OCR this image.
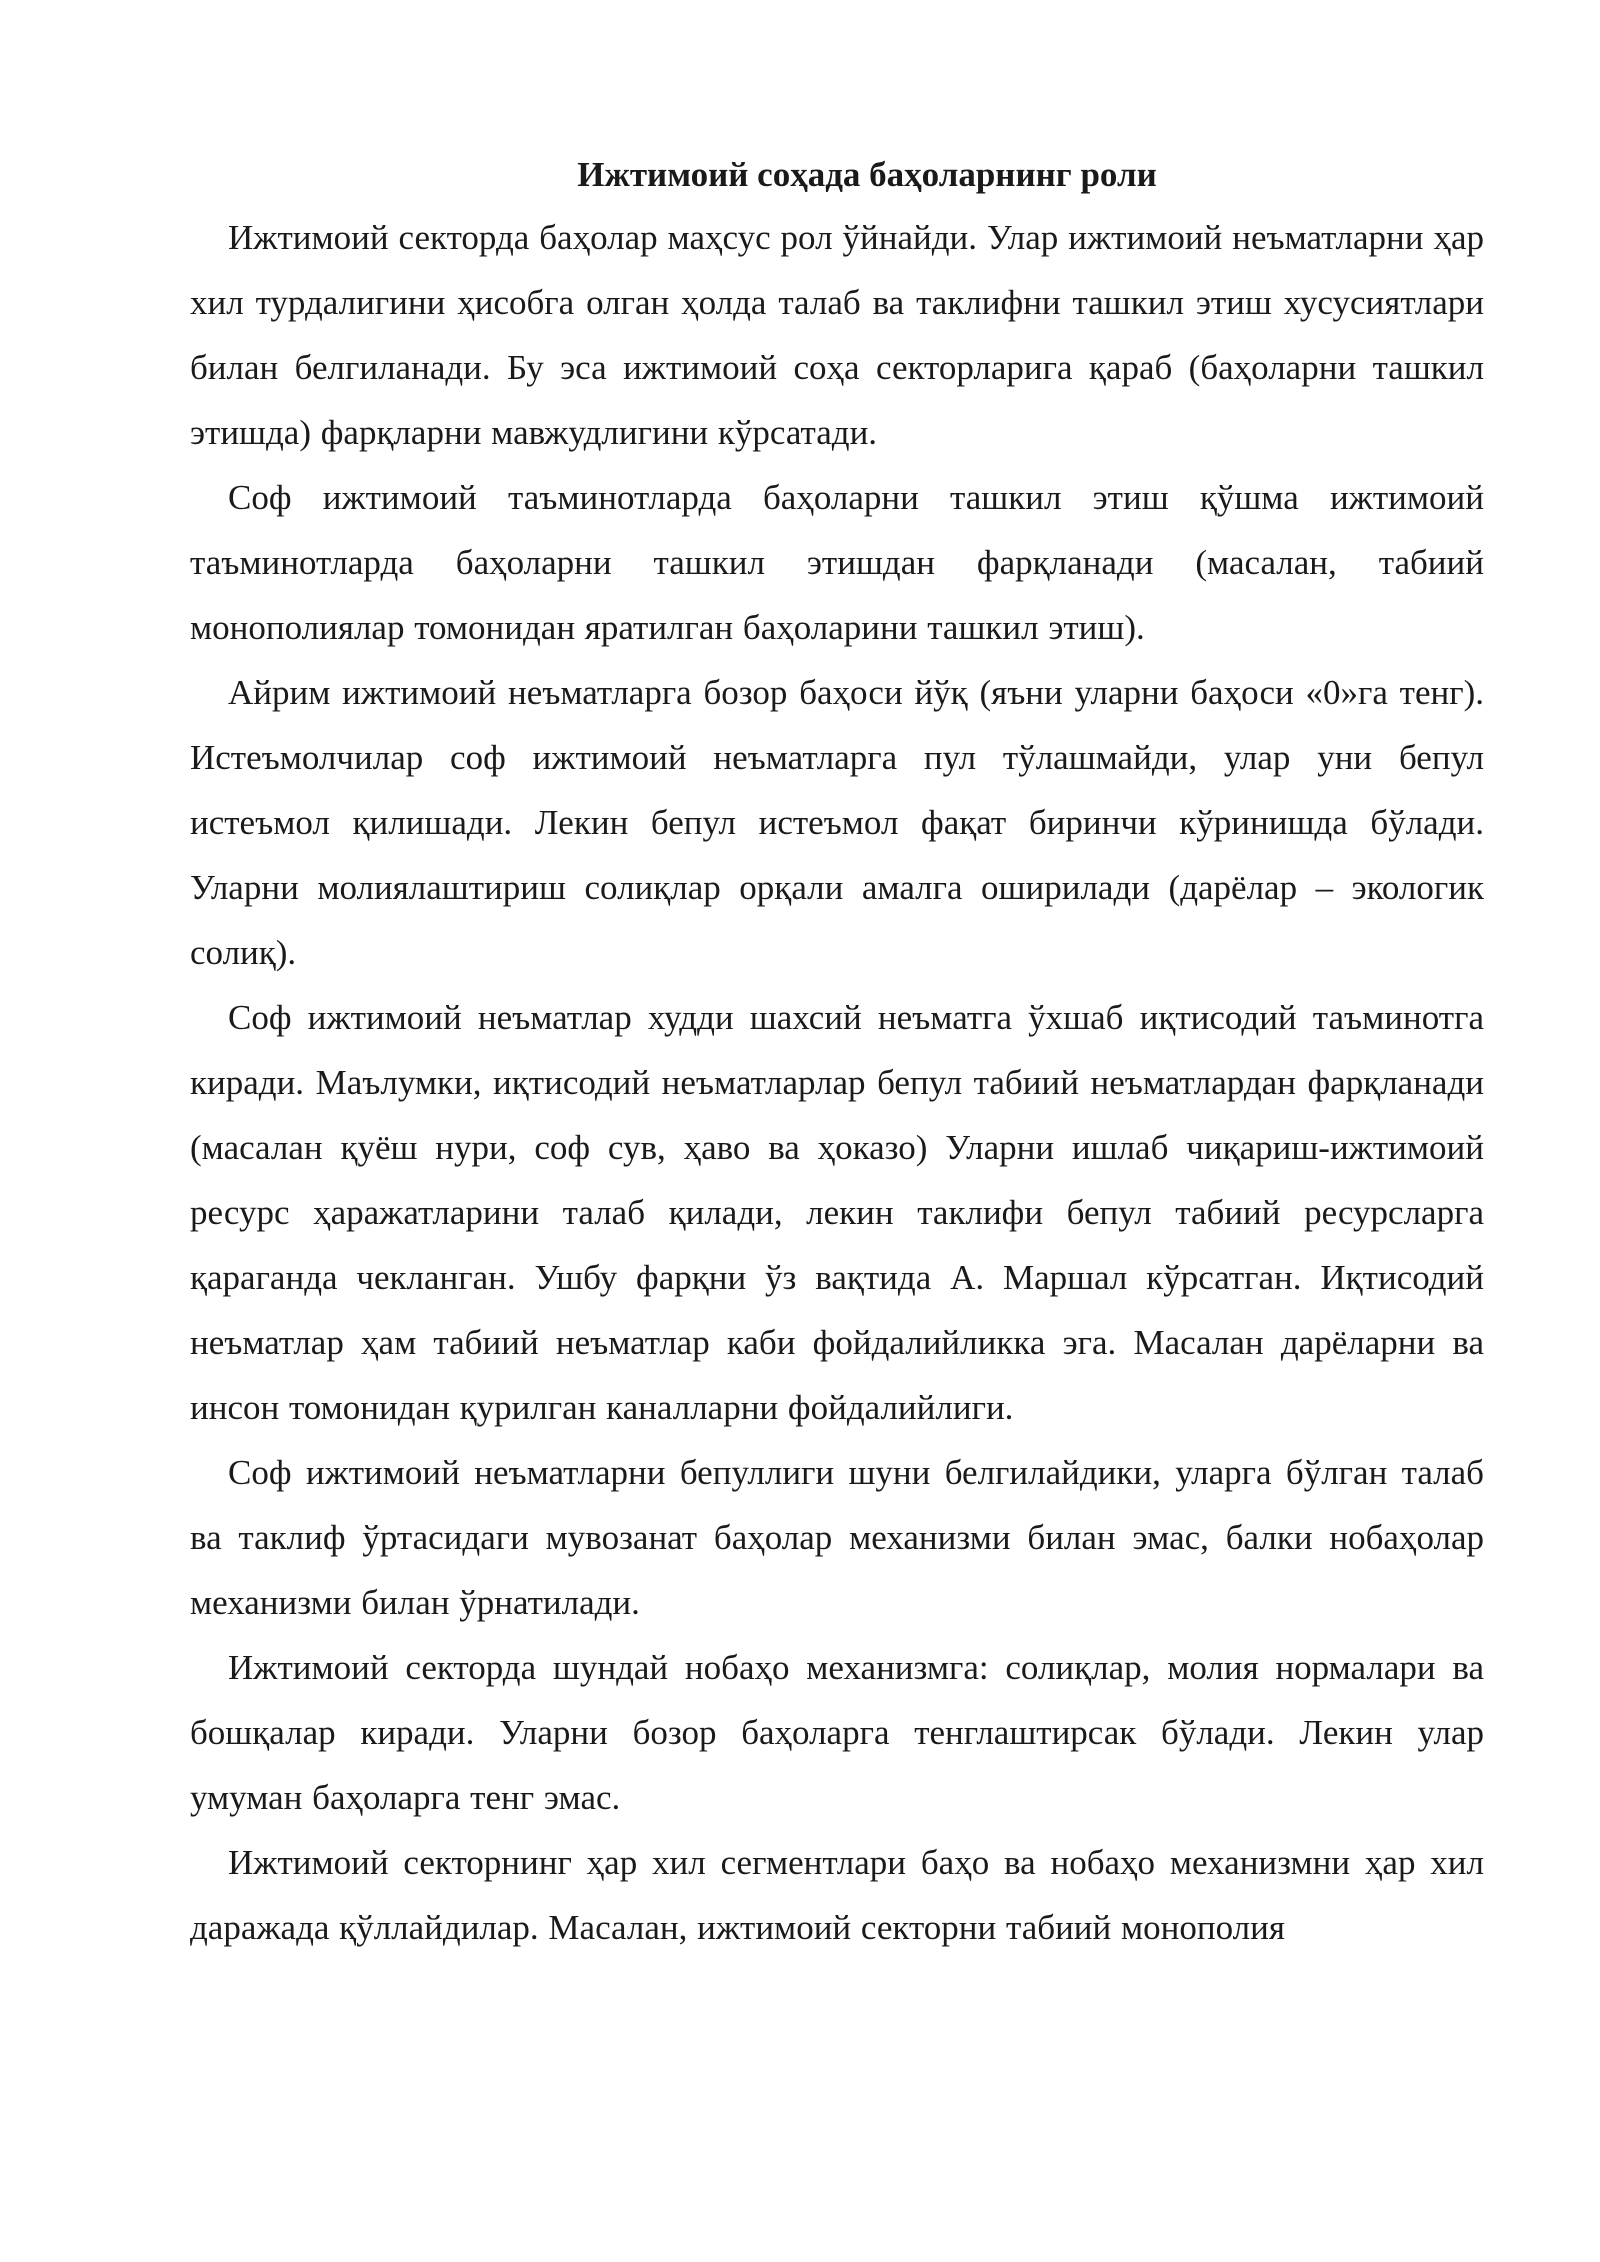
Ижтимоий соҳада баҳоларнинг роли

Ижтимоий секторда баҳолар маҳсус рол ўйнайди. Улар ижтимоий неъматларни ҳар хил турдалигини ҳисобга олган ҳолда талаб ва таклифни ташкил этиш хусусиятлари билан белгиланади. Бу эса ижтимоий соҳа секторларига қараб (баҳоларни ташкил этишда) фарқларни мавжудлигини кўрсатади.

Соф ижтимоий таъминотларда баҳоларни ташкил этиш қўшма ижтимоий таъминотларда баҳоларни ташкил этишдан фарқланади (масалан, табиий монополиялар томонидан яратилган баҳоларини ташкил этиш).

Айрим ижтимоий неъматларга бозор баҳоси йўқ (яъни уларни баҳоси «0»га тенг). Истеъмолчилар соф ижтимоий неъматларга пул тўлашмайди, улар уни бепул истеъмол қилишади. Лекин бепул истеъмол фақат биринчи кўринишда бўлади. Уларни молиялаштириш солиқлар орқали амалга оширилади (дарёлар – экологик солиқ).

Соф ижтимоий неъматлар худди шахсий неъматга ўхшаб иқтисодий таъминотга киради. Маълумки, иқтисодий неъматларлар бепул табиий неъматлардан фарқланади (масалан қуёш нури, соф сув, ҳаво ва ҳоказо) Уларни ишлаб чиқариш-ижтимоий ресурс ҳаражатларини талаб қилади, лекин таклифи бепул табиий ресурсларга қараганда чекланган. Ушбу фарқни ўз вақтида А. Маршал кўрсатган. Иқтисодий неъматлар ҳам табиий неъматлар каби фойдалийликка эга. Масалан дарёларни ва инсон томонидан қурилган каналларни фойдалийлиги.

Соф ижтимоий неъматларни бепуллиги шуни белгилайдики, уларга бўлган талаб ва таклиф ўртасидаги мувозанат баҳолар механизми билан эмас, балки нобаҳолар механизми билан ўрнатилади.

Ижтимоий секторда шундай нобаҳо механизмга: солиқлар, молия нормалари ва бошқалар киради. Уларни бозор баҳоларга тенглаштирсак бўлади. Лекин улар умуман баҳоларга тенг эмас.

Ижтимоий секторнинг ҳар хил сегментлари баҳо ва нобаҳо механизмни ҳар хил даражада қўллайдилар. Масалан, ижтимоий секторни табиий монополия
